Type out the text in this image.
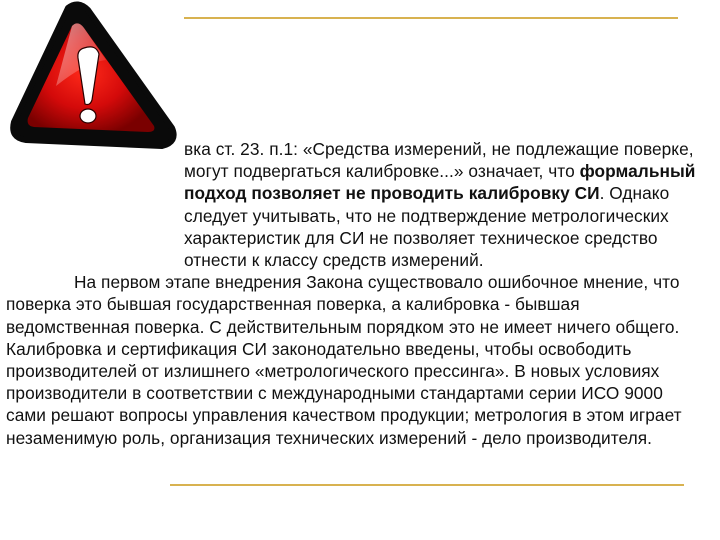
вка ст. 23. п.1: «Средства измерений, не подлежащие поверке, могут подвергаться калибровке...» означает, что формальный подход позволяет не проводить калибровку СИ. Однако следует учитывать, что не подтверждение метрологических характеристик для СИ не позволяет техническое средство отнести к классу средств измерений.

На первом этапе внедрения Закона существовало ошибочное мнение, что поверка это бывшая государственная поверка, а калибровка - бывшая ведомственная поверка. С действительным порядком это не имеет ничего общего. Калибровка и сертификация СИ законодательно введены, чтобы освободить производителей от излишнего «метрологического прессинга». В новых условиях производители в соответствии с международными стандартами серии ИСО 9000 сами решают вопросы управления качеством продукции; метрология в этом играет незаменимую роль, организация технических измерений - дело производителя.
